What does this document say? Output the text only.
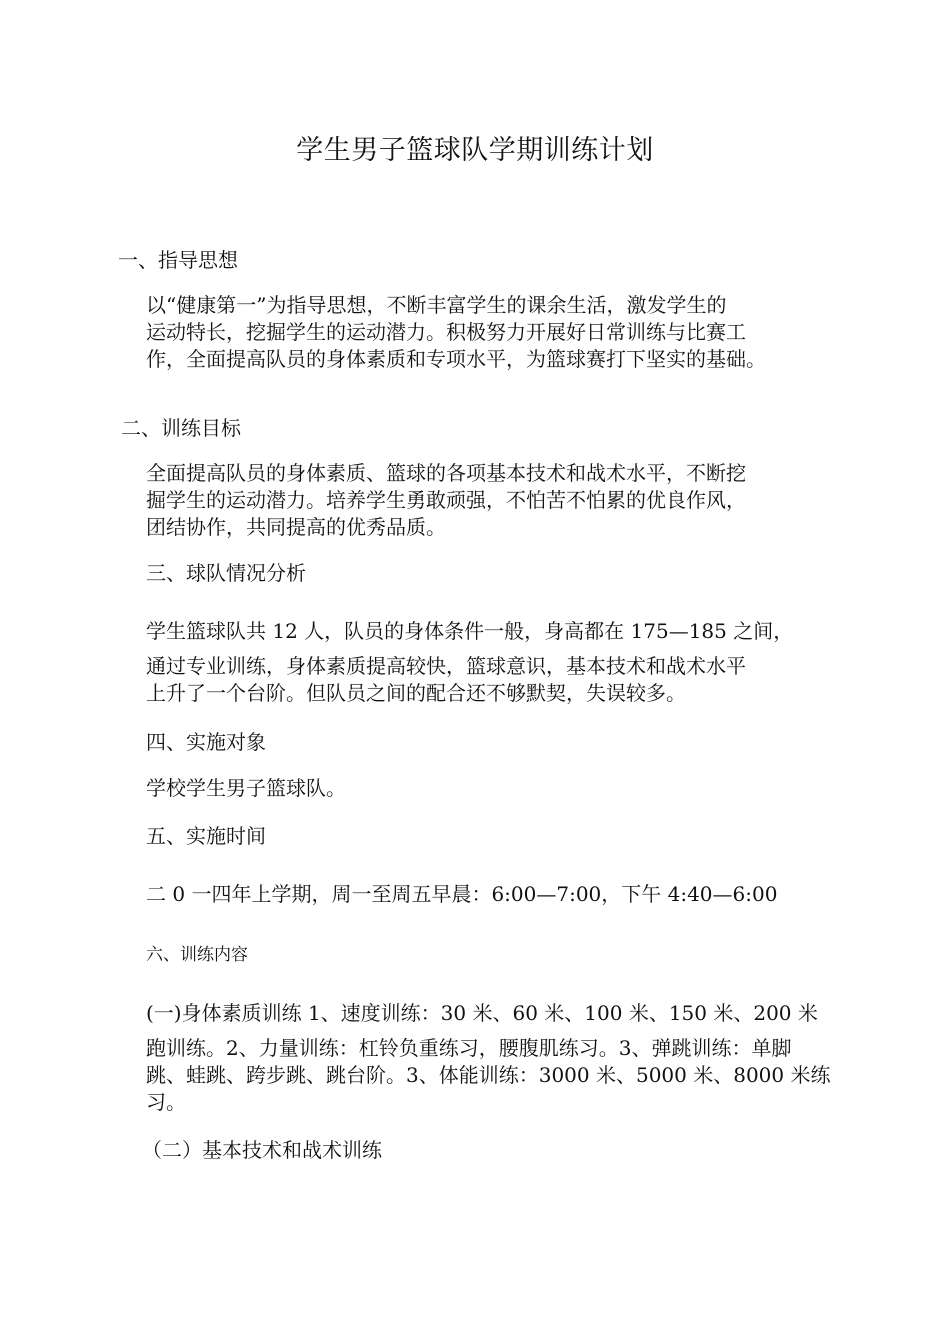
学生男子篮球队学期训练计划
一、指导思想
以“健康第一”为指导思想，不断丰富学生的课余生活，激发学生的
运动特长，挖掘学生的运动潜力。积极努力开展好日常训练与比赛工
作，全面提高队员的身体素质和专项水平，为篮球赛打下坚实的基础。
二、训练目标
全面提高队员的身体素质、篮球的各项基本技术和战术水平，不断挖
掘学生的运动潜力。培养学生勇敢顽强，不怕苦不怕累的优良作风，
团结协作，共同提高的优秀品质。
三、球队情况分析
学生篮球队共 12 人，队员的身体条件一般，身高都在 175—185 之间，
通过专业训练，身体素质提高较快，篮球意识，基本技术和战术水平
上升了一个台阶。但队员之间的配合还不够默契，失误较多。
四、实施对象
学校学生男子篮球队。
五、实施时间
二 0 一四年上学期，周一至周五早晨：6:00—7:00，下午 4:40—6:00
六、训练内容
(一)身体素质训练 1、速度训练：30 米、60 米、100 米、150 米、200 米
跑训练。2、力量训练：杠铃负重练习，腰腹肌练习。3、弹跳训练：单脚
跳、蛙跳、跨步跳、跳台阶。3、体能训练：3000 米、5000 米、8000 米练
习。
（二）基本技术和战术训练
